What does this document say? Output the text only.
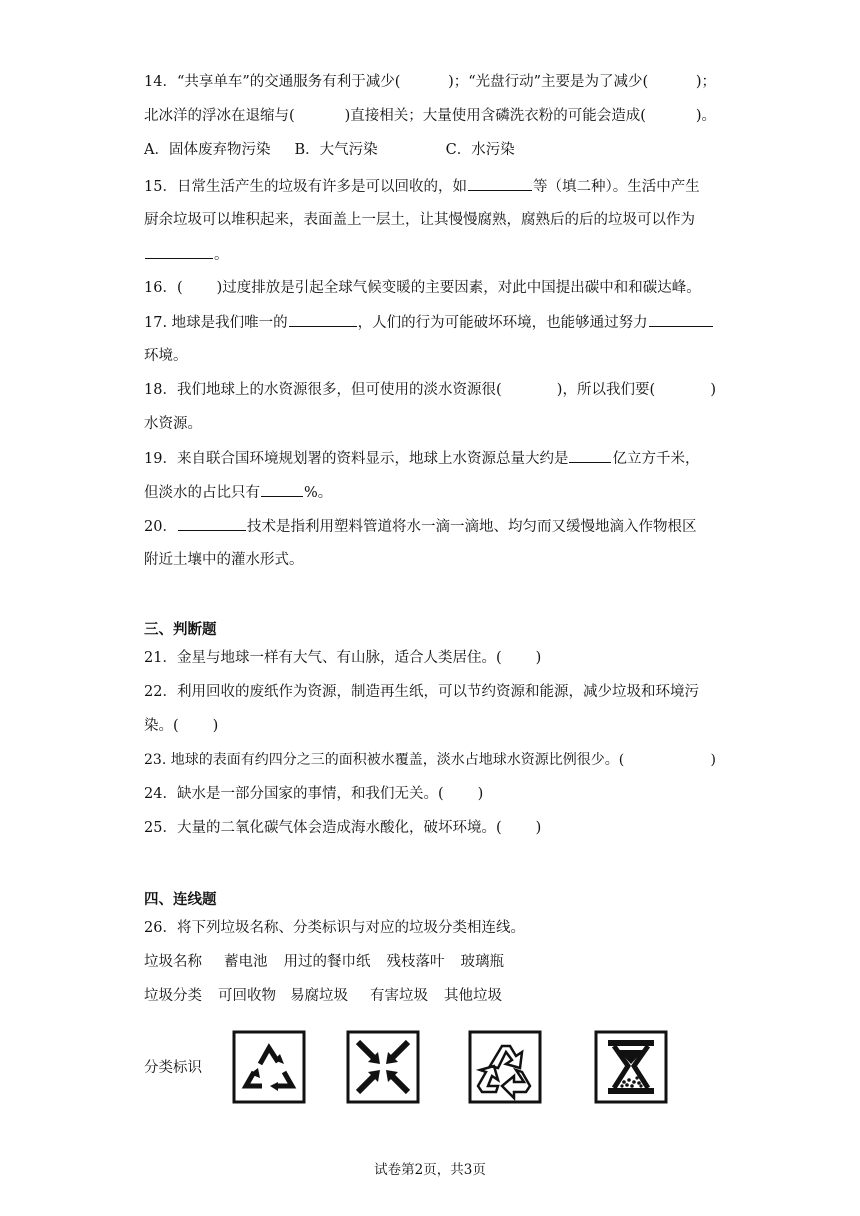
14．“共享单车”的交通服务有利于减少(	)；“光盘行动”主要是为了减少(	)；
北冰洋的浮冰在退缩与(	)直接相关；大量使用含磷洗衣粉的可能会造成(	)。
A．固体废弃物污染 B．大气污染	C．水污染
15．日常生活产生的垃圾有许多是可以回收的，如	等（填二种）。生活中产生
厨余垃圾可以堆积起来，表面盖上一层土，让其慢慢腐熟，腐熟后的后的垃圾可以作为
。
16．( )过度排放是引起全球气候变暖的主要因素，对此中国提出碳中和和碳达峰。
17. 地球是我们唯一的	，人们的行为可能破坏环境，也能够通过努力
环境。
18．我们地球上的水资源很多，但可使用的淡水资源很(	)，所以我们要(	)
水资源。
19．来自联合国环境规划署的资料显示，地球上水资源总量大约是	亿立方千米，
但淡水的占比只有	%。
20．	技术是指利用塑料管道将水一滴一滴地、均匀而又缓慢地滴入作物根区
附近土壤中的灌水形式。
三、判断题
21．金星与地球一样有大气、有山脉，适合人类居住。( )
22．利用回收的废纸作为资源，制造再生纸，可以节约资源和能源，减少垃圾和环境污
染。( )
23. 地球的表面有约四分之三的面积被水覆盖，淡水占地球水资源比例很少。(	)
24．缺水是一部分国家的事情，和我们无关。( )
25．大量的二氧化碳气体会造成海水酸化，破坏环境。( )
四、连线题
26．将下列垃圾名称、分类标识与对应的垃圾分类相连线。
垃圾名称 蓄电池 用过的餐巾纸 残枝落叶 玻璃瓶
垃圾分类 可回收物 易腐垃圾 有害垃圾 其他垃圾
分类标识
试卷第2页，共3页
